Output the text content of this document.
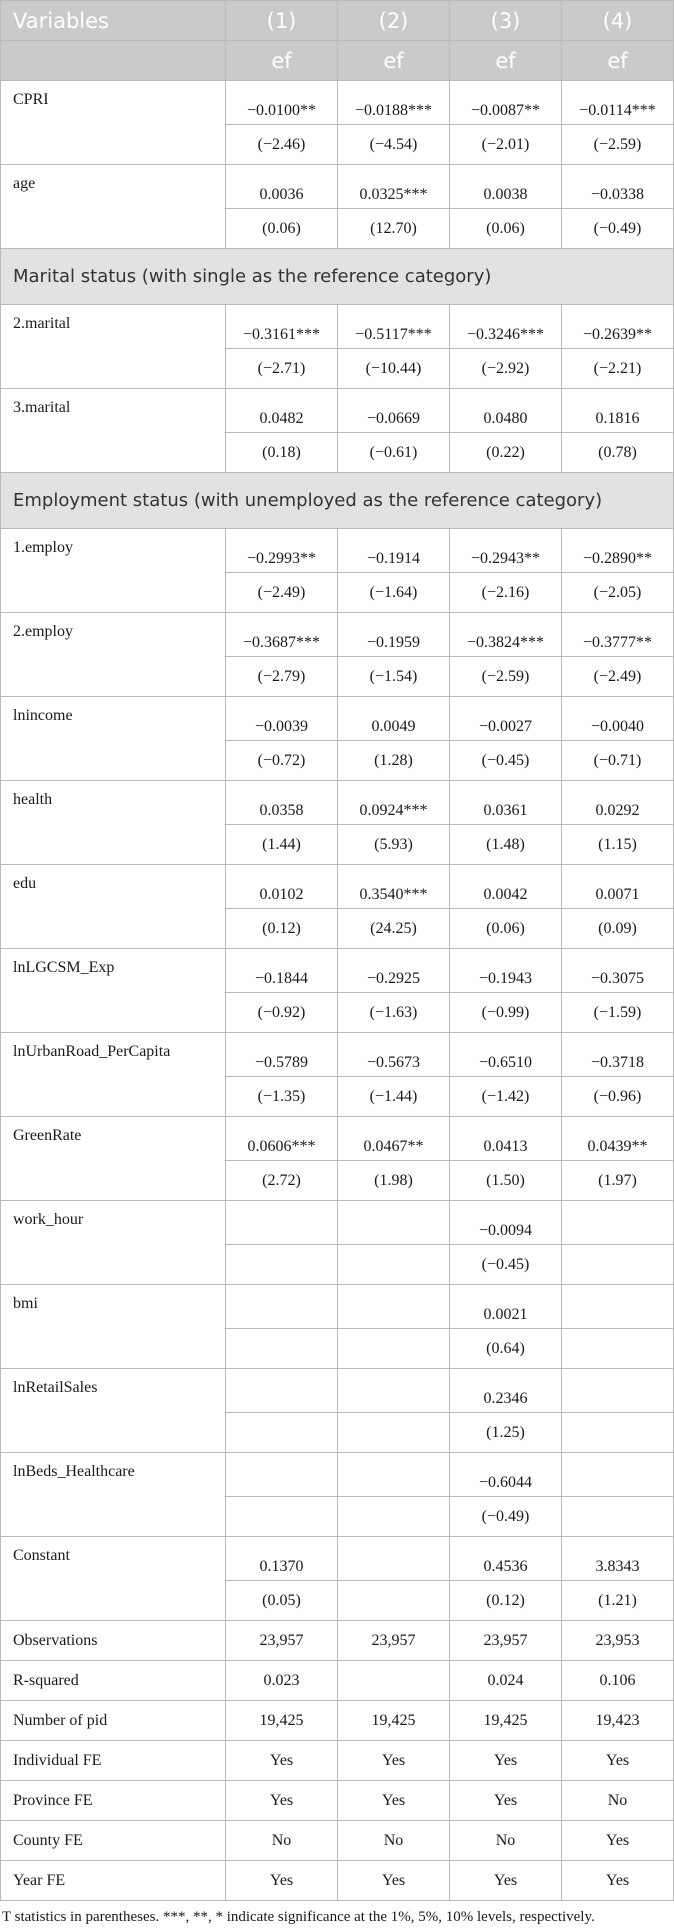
Variables	(1)	(2)	(3)	(4)
	ef	ef	ef	ef

CPRI	−0.0100**	−0.0188***	−0.0087**	−0.0114***

	(−2.46)	(−4.54)	(−2.01)	(−2.59)

age	0.0036	0.0325***	0.0038	−0.0338

	(0.06)	(12.70)	(0.06)	(−0.49)

Marital status (with single as the reference category)				

2.marital	−0.3161***	−0.5117***	−0.3246***	−0.2639**

	(−2.71)	(−10.44)	(−2.92)	(−2.21)

3.marital	0.0482	−0.0669	0.0480	0.1816

	(0.18)	(−0.61)	(0.22)	(0.78)

Employment status (with unemployed as the reference category)				

1.employ	−0.2993**	−0.1914	−0.2943**	−0.2890**

	(−2.49)	(−1.64)	(−2.16)	(−2.05)

2.employ	−0.3687***	−0.1959	−0.3824***	−0.3777**

	(−2.79)	(−1.54)	(−2.59)	(−2.49)

lnincome	−0.0039	0.0049	−0.0027	−0.0040

	(−0.72)	(1.28)	(−0.45)	(−0.71)

health	0.0358	0.0924***	0.0361	0.0292

	(1.44)	(5.93)	(1.48)	(1.15)

edu	0.0102	0.3540***	0.0042	0.0071

	(0.12)	(24.25)	(0.06)	(0.09)

lnLGCSM_Exp	−0.1844	−0.2925	−0.1943	−0.3075

	(−0.92)	(−1.63)	(−0.99)	(−1.59)

lnUrbanRoad_PerCapita	−0.5789	−0.5673	−0.6510	−0.3718

	(−1.35)	(−1.44)	(−1.42)	(−0.96)

GreenRate	0.0606***	0.0467**	0.0413	0.0439**

	(2.72)	(1.98)	(1.50)	(1.97)

work_hour			−0.0094	

			(−0.45)	

bmi			0.0021	

			(0.64)	

lnRetailSales			0.2346	

			(1.25)	

lnBeds_Healthcare			−0.6044	

			(−0.49)	

Constant	0.1370		0.4536	3.8343

	(0.05)		(0.12)	(1.21)

Observations	23,957	23,957	23,957	23,953

R-squared	0.023		0.024	0.106

Number of pid	19,425	19,425	19,425	19,423

Individual FE	Yes	Yes	Yes	Yes

Province FE	Yes	Yes	Yes	No

County FE	No	No	No	Yes

Year FE	Yes	Yes	Yes	Yes
T statistics in parentheses. ***, **, * indicate significance at the 1%, 5%, 10% levels, respectively.
